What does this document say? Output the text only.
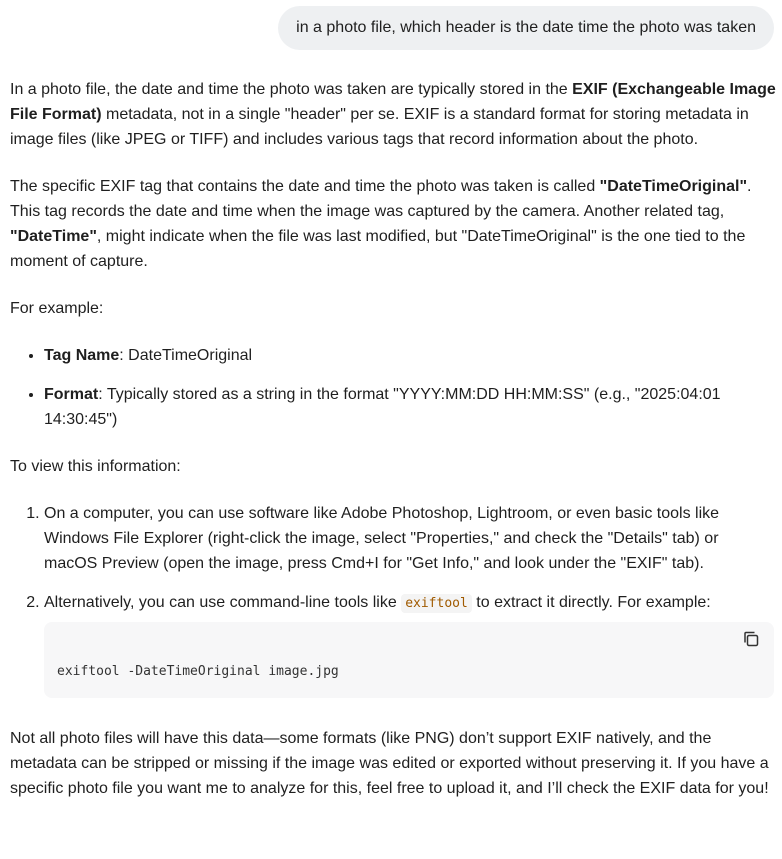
in a photo file, which header is the date time the photo was taken

In a photo file, the date and time the photo was taken are typically stored in the EXIF (Exchangeable Image File Format) metadata, not in a single "header" per se. EXIF is a standard format for storing metadata in image files (like JPEG or TIFF) and includes various tags that record information about the photo.

The specific EXIF tag that contains the date and time the photo was taken is called "DateTimeOriginal". This tag records the date and time when the image was captured by the camera. Another related tag, "DateTime", might indicate when the file was last modified, but "DateTimeOriginal" is the one tied to the moment of capture.

For example:

• Tag Name: DateTimeOriginal
• Format: Typically stored as a string in the format "YYYY:MM:DD HH:MM:SS" (e.g., "2025:04:01 14:30:45")

To view this information:

1. On a computer, you can use software like Adobe Photoshop, Lightroom, or even basic tools like Windows File Explorer (right-click the image, select "Properties," and check the "Details" tab) or macOS Preview (open the image, press Cmd+I for "Get Info," and look under the "EXIF" tab).
2. Alternatively, you can use command-line tools like exiftool to extract it directly. For example:
exiftool -DateTimeOriginal image.jpg

Not all photo files will have this data—some formats (like PNG) don’t support EXIF natively, and the metadata can be stripped or missing if the image was edited or exported without preserving it. If you have a specific photo file you want me to analyze for this, feel free to upload it, and I’ll check the EXIF data for you!
